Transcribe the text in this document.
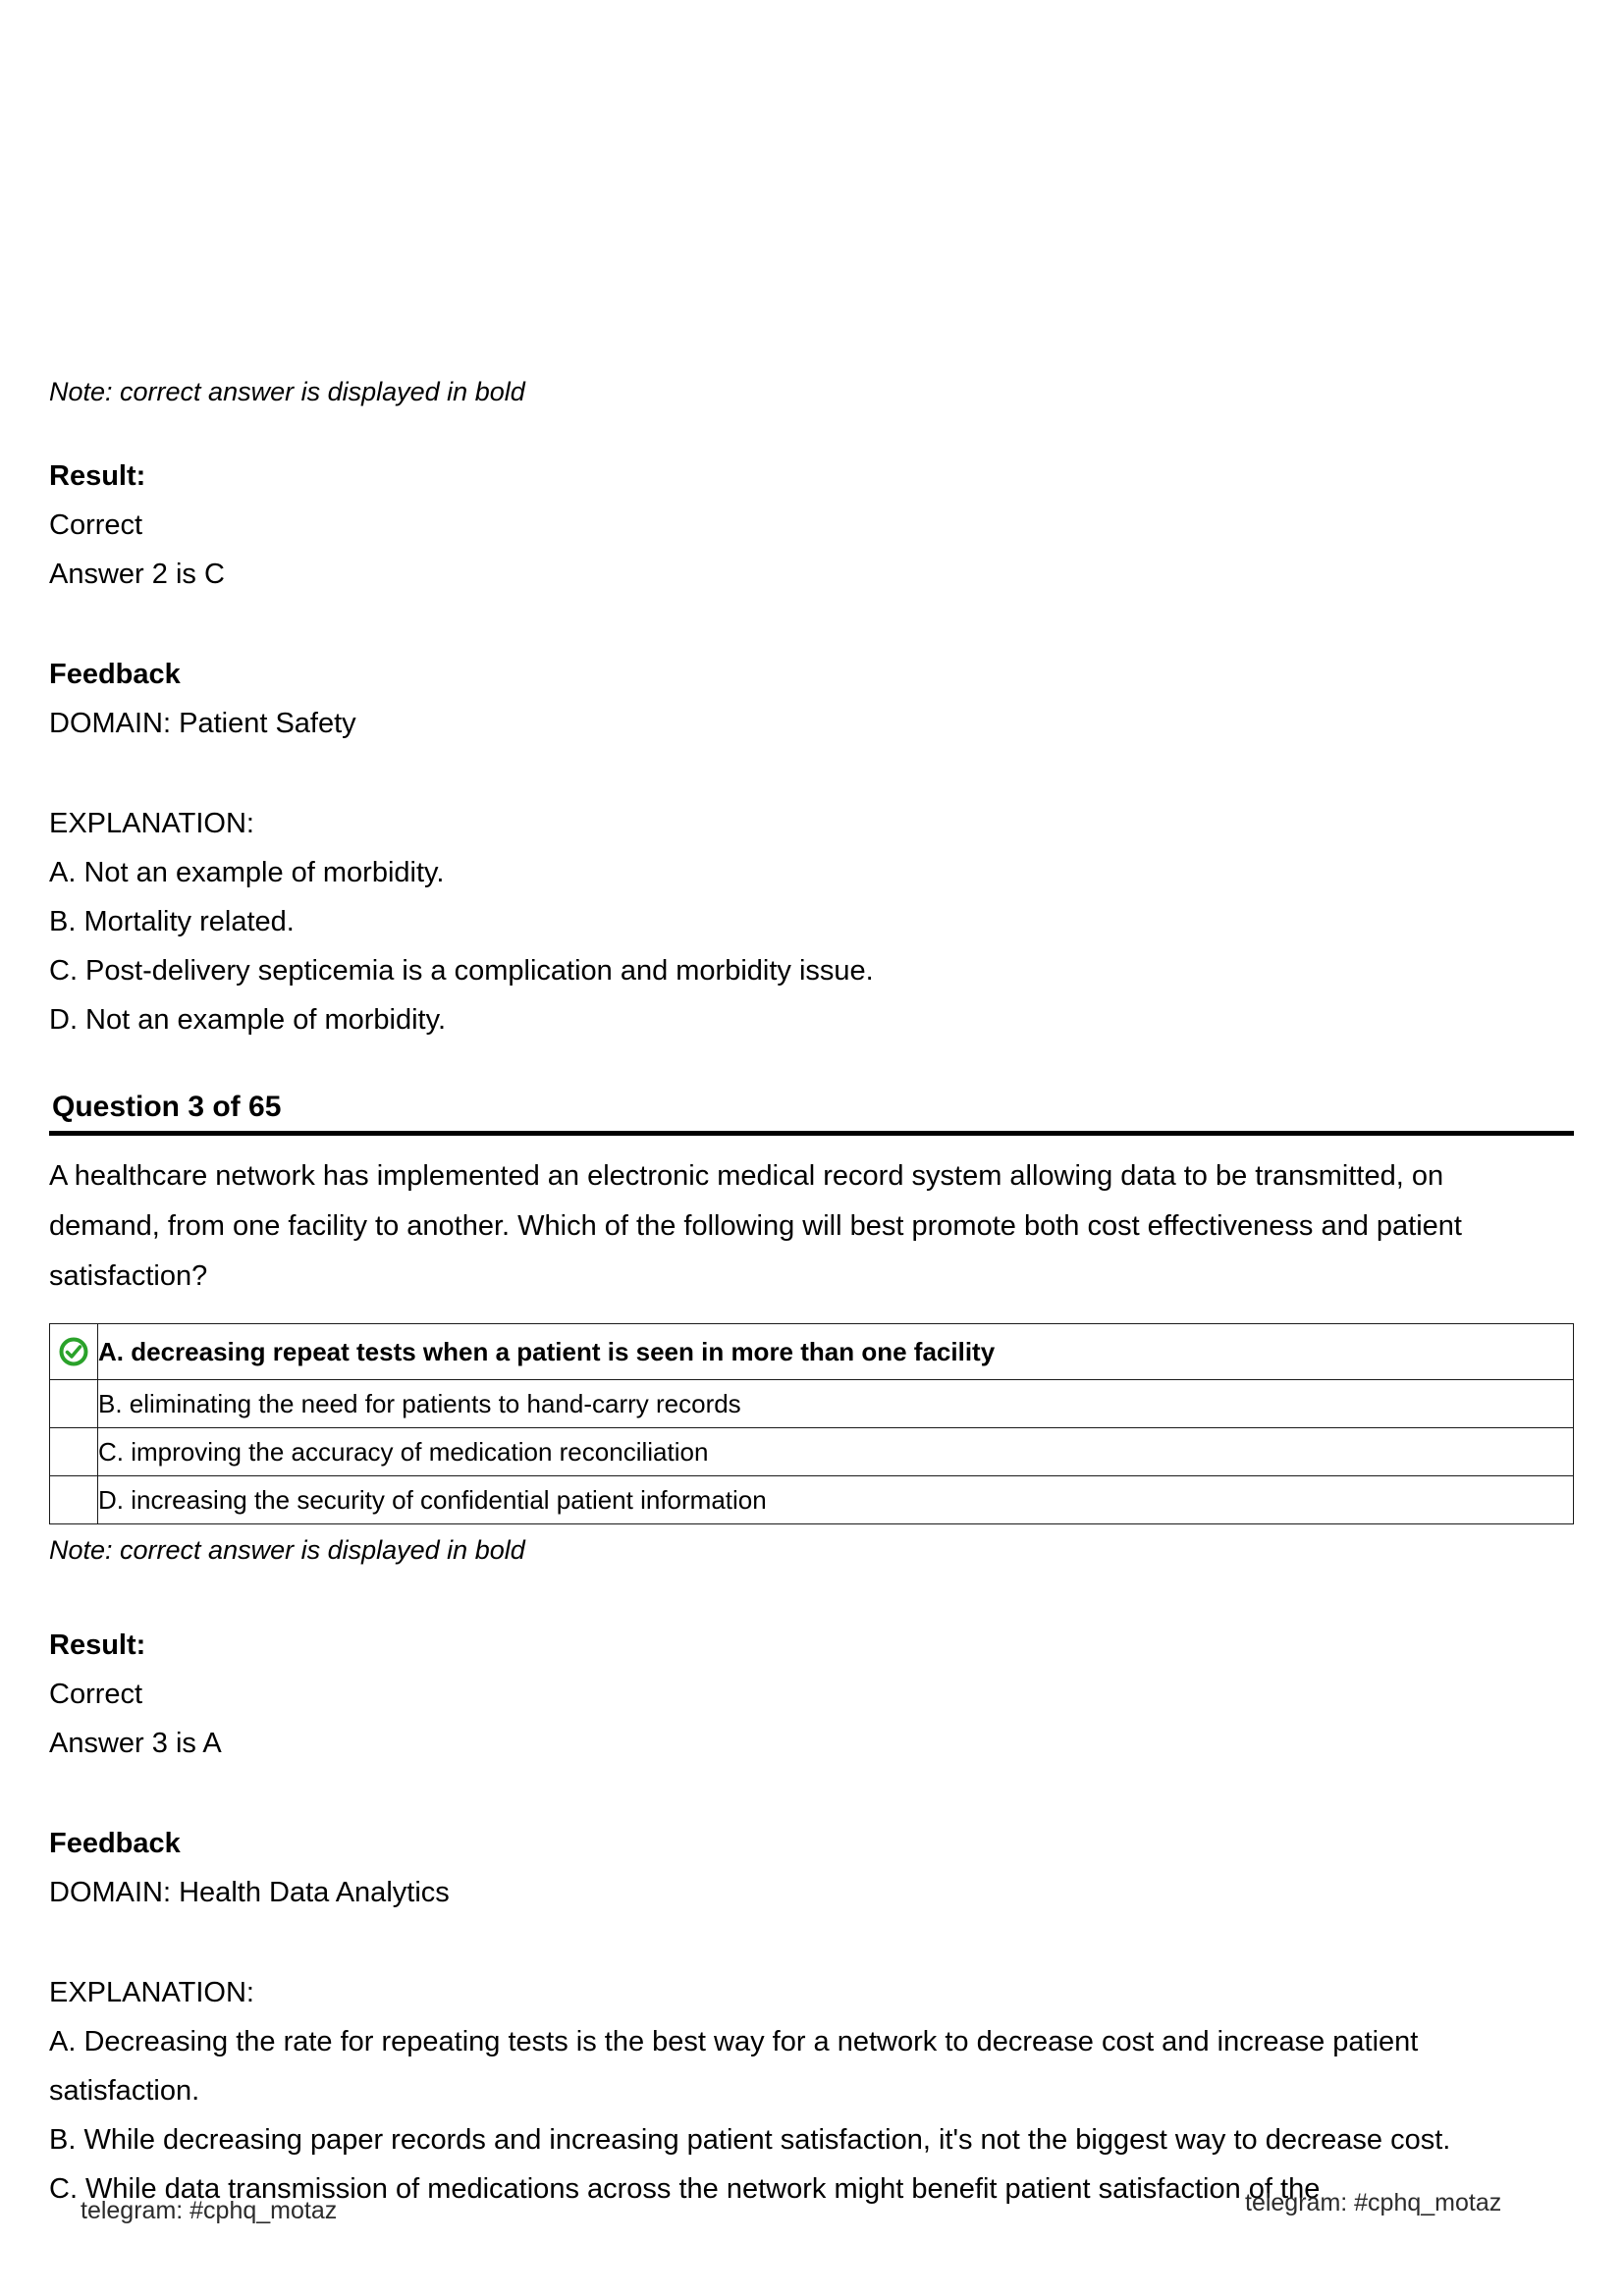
Note: correct answer is displayed in bold
Result:
Correct
Answer 2 is C
Feedback
DOMAIN: Patient Safety
EXPLANATION:
A. Not an example of morbidity.
B. Mortality related.
C. Post-delivery septicemia is a complication and morbidity issue.
D. Not an example of morbidity.
Question 3 of 65
A healthcare network has implemented an electronic medical record system allowing data to be transmitted, on demand, from one facility to another. Which of the following will best promote both cost effectiveness and patient satisfaction?
	A. decreasing repeat tests when a patient is seen in more than one facility
	B. eliminating the need for patients to hand-carry records
	C. improving the accuracy of medication reconciliation
	D. increasing the security of confidential patient information
Note: correct answer is displayed in bold
Result:
Correct
Answer 3 is A
Feedback
DOMAIN: Health Data Analytics
EXPLANATION:
A. Decreasing the rate for repeating tests is the best way for a network to decrease cost and increase patient satisfaction.
B. While decreasing paper records and increasing patient satisfaction, it's not the biggest way to decrease cost.
C. While data transmission of medications across the network might benefit patient satisfaction of the
telegram: #cphq_motaz	telegram: #cphq_motaz
